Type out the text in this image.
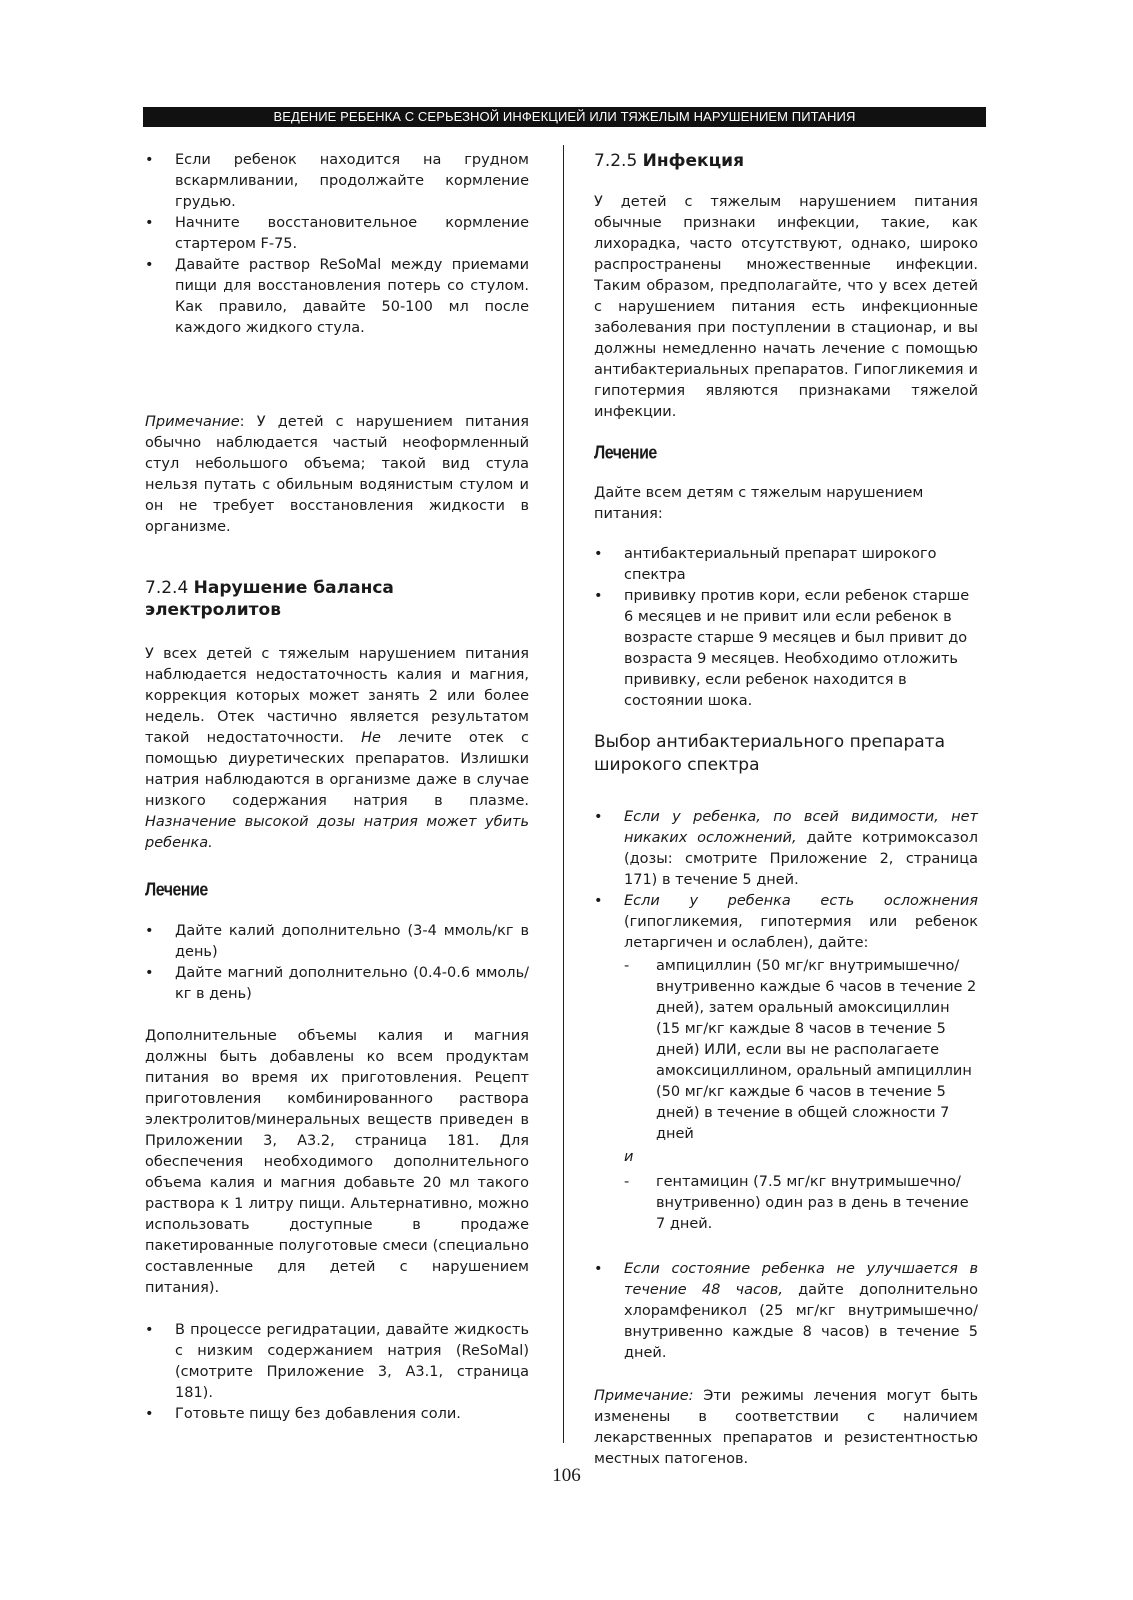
ВЕДЕНИЕ РЕБЕНКА С СЕРЬЕЗНОЙ ИНФЕКЦИЕЙ ИЛИ ТЯЖЕЛЫМ НАРУШЕНИЕМ ПИТАНИЯ
• Если ребенок находится на грудном вскармливании, продолжайте кормление грудью.
• Начните восстановительное кормление стартером F-75.
• Давайте раствор ReSoMal между приемами пищи для восстановления потерь со стулом. Как правило, давайте 50-100 мл после каждого жидкого стула.

Примечание: У детей с нарушением питания обычно наблюдается частый неоформленный стул небольшого объема; такой вид стула нельзя путать с обильным водянистым стулом и он не требует восстановления жидкости в организме.

7.2.4 Нарушение баланса электролитов

У всех детей с тяжелым нарушением питания наблюдается недостаточность калия и магния, коррекция которых может занять 2 или более недель. Отек частично является результатом такой недостаточности. Не лечите отек с помощью диуретических препаратов. Излишки натрия наблюдаются в организме даже в случае низкого содержания натрия в плазме. Назначение высокой дозы натрия может убить ребенка.

Лечение

• Дайте калий дополнительно (3-4 ммоль/кг в день)
• Дайте магний дополнительно (0.4-0.6 ммоль/кг в день)

Дополнительные объемы калия и магния должны быть добавлены ко всем продуктам питания во время их приготовления. Рецепт приготовления комбинированного раствора электролитов/минеральных веществ приведен в Приложении 3, А3.2, страница 181. Для обеспечения необходимого дополнительного объема калия и магния добавьте 20 мл такого раствора к 1 литру пищи. Альтернативно, можно использовать доступные в продаже пакетированные полуготовые смеси (специально составленные для детей с нарушением питания).

• В процессе регидратации, давайте жидкость с низким содержанием натрия (ReSoMal) (смотрите Приложение 3, А3.1, страница 181).
• Готовьте пищу без добавления соли.

7.2.5 Инфекция

У детей с тяжелым нарушением питания обычные признаки инфекции, такие, как лихорадка, часто отсутствуют, однако, широко распространены множественные инфекции. Таким образом, предполагайте, что у всех детей с нарушением питания есть инфекционные заболевания при поступлении в стационар, и вы должны немедленно начать лечение с помощью антибактериальных препаратов. Гипогликемия и гипотермия являются признаками тяжелой инфекции.

Лечение

Дайте всем детям с тяжелым нарушением питания:

• антибактериальный препарат широкого спектра
• прививку против кори, если ребенок старше 6 месяцев и не привит или если ребенок в возрасте старше 9 месяцев и был привит до возраста 9 месяцев. Необходимо отложить прививку, если ребенок находится в состоянии шока.

Выбор антибактериального препарата широкого спектра

• Если у ребенка, по всей видимости, нет никаких осложнений, дайте котримоксазол (дозы: смотрите Приложение 2, страница 171) в течение 5 дней.
• Если у ребенка есть осложнения (гипогликемия, гипотермия или ребенок летаргичен и ослаблен), дайте:
- ампициллин (50 мг/кг внутримышечно/внутривенно каждые 6 часов в течение 2 дней), затем оральный амоксициллин (15 мг/кг каждые 8 часов в течение 5 дней) ИЛИ, если вы не располагаете амоксициллином, оральный ампициллин (50 мг/кг каждые 6 часов в течение 5 дней) в течение в общей сложности 7 дней
и
- гентамицин (7.5 мг/кг внутримышечно/внутривенно) один раз в день в течение 7 дней.
• Если состояние ребенка не улучшается в течение 48 часов, дайте дополнительно хлорамфеникол (25 мг/кг внутримышечно/внутривенно каждые 8 часов) в течение 5 дней.

Примечание: Эти режимы лечения могут быть изменены в соответствии с наличием лекарственных препаратов и резистентностью местных патогенов.

106
